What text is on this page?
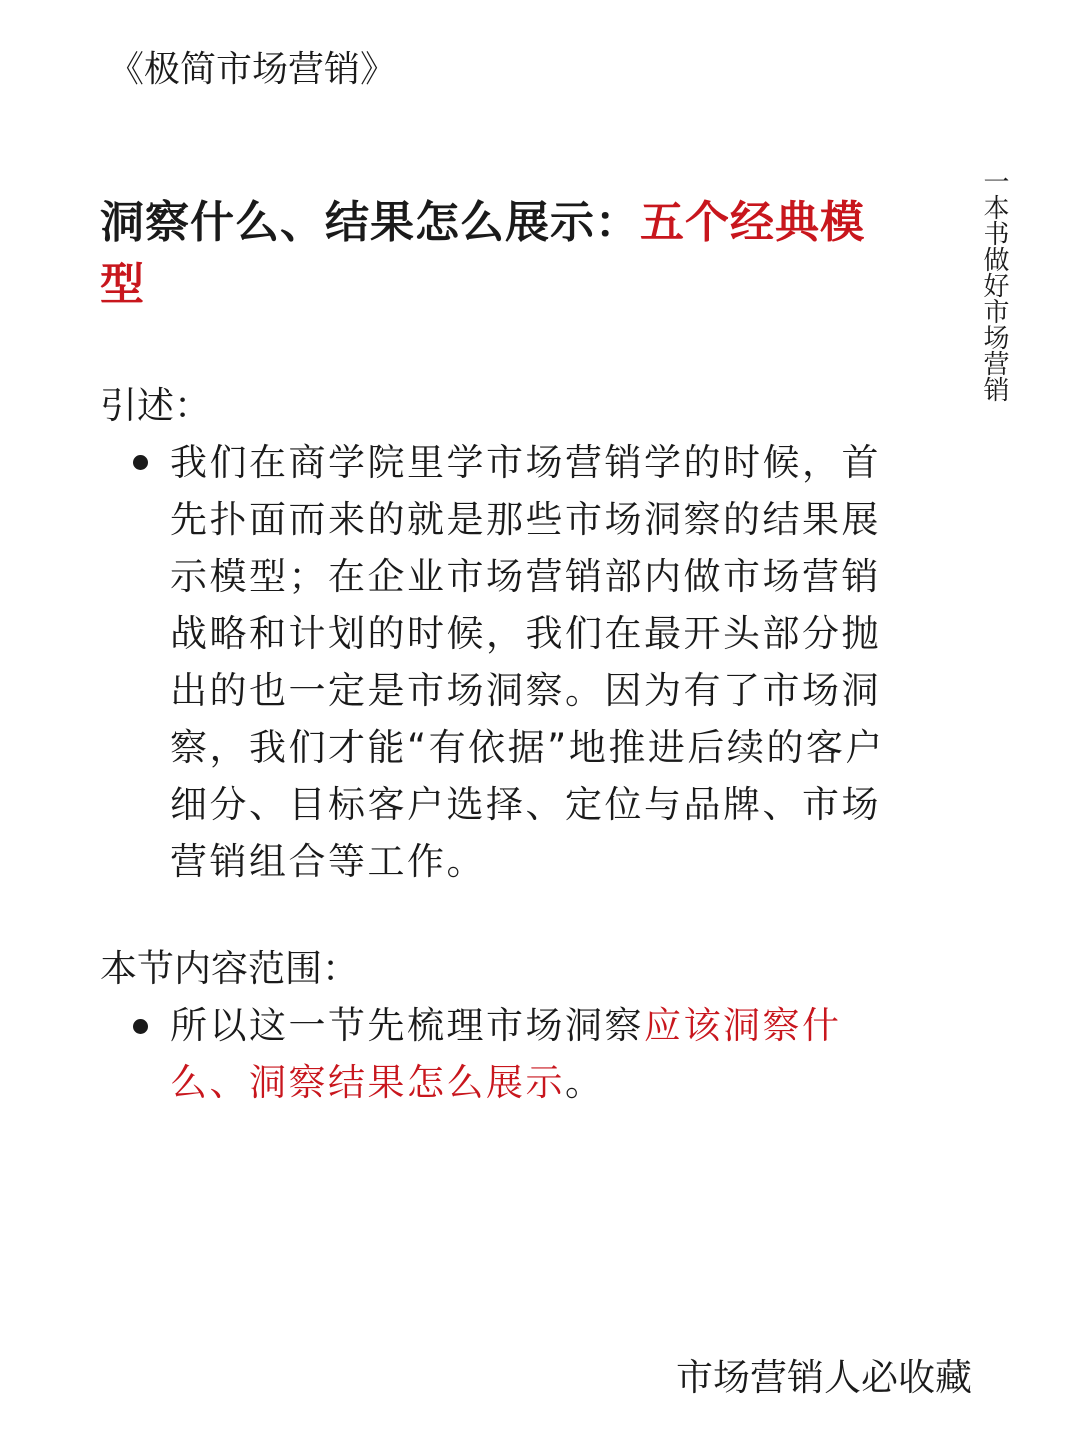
《极简市场营销》
一本书做好市场营销
洞察什么、结果怎么展示：五个经典模型
引述：
我们在商学院里学市场营销学的时候，首先扑面而来的就是那些市场洞察的结果展示模型；在企业市场营销部内做市场营销战略和计划的时候，我们在最开头部分抛出的也一定是市场洞察。因为有了市场洞察，我们才能“有依据”地推进后续的客户细分、目标客户选择、定位与品牌、市场营销组合等工作。
本节内容范围：
所以这一节先梳理市场洞察应该洞察什么、洞察结果怎么展示。
市场营销人必收藏
